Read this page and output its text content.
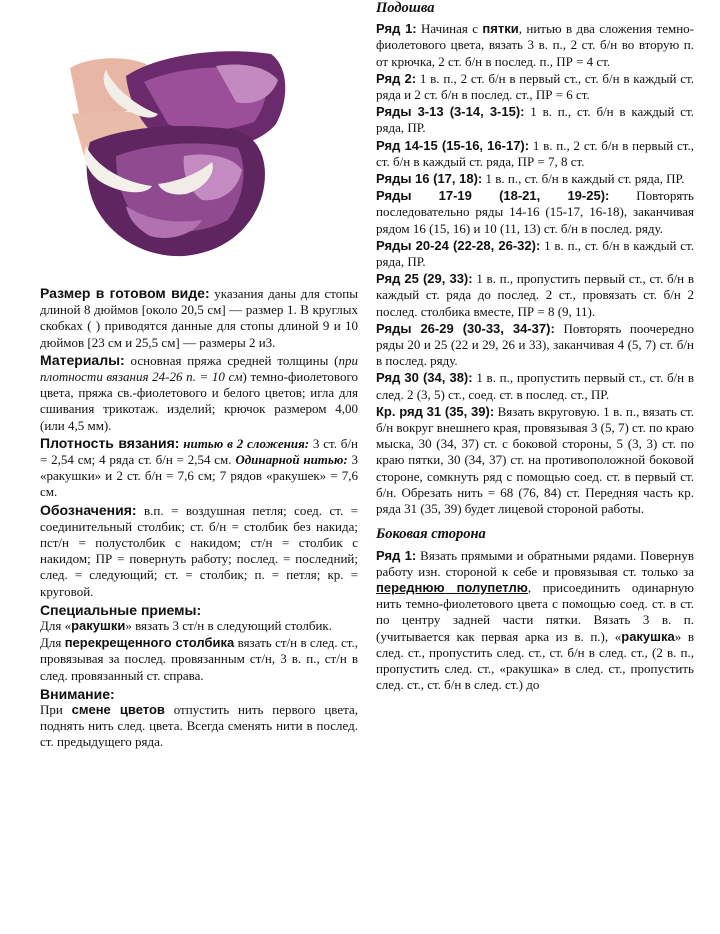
Размер в готовом виде: указания даны для стопы длиной 8 дюймов [около 20,5 см] — размер 1. В круглых скобках ( ) приводятся данные для стопы длиной 9 и 10 дюймов [23 см и 25,5 см] — размеры 2 и3.

Материалы: основная пряжа средней толщины (при плотности вязания 24-26 п. = 10 см) темно-фиолетового цвета, пряжа св.-фиолетового и белого цветов; игла для сшивания трикотаж. изделий; крючок размером 4,00 (или 4,5 мм).

Плотность вязания: нитью в 2 сложения: 3 ст. б/н = 2,54 см; 4 ряда ст. б/н = 2,54 см. Одинарной нитью: 3 «ракушки» и 2 ст. б/н = 7,6 см; 7 рядов «ракушек» = 7,6 см.

Обозначения: в.п. = воздушная петля; соед. ст. = соединительный столбик; ст. б/н = столбик без накида; пст/н = полустолбик с накидом; ст/н = столбик с накидом; ПР = повернуть работу; послед. = последний; след. = следующий; ст. = столбик; п. = петля; кр. = круговой.

Специальные приемы:

Для «ракушки» вязать 3 ст/н в следующий столбик.

Для перекрещенного столбика вязать ст/н в след. ст., провязывая за послед. провязанным ст/н, 3 в. п., ст/н в след. провязанный ст. справа.

Внимание:

При смене цветов отпустить нить первого цвета, поднять нить след. цвета. Всегда сменять нити в послед. ст. предыдущего ряда.

Подошва

Ряд 1: Начиная с пятки, нитью в два сложения темно-фиолетового цвета, вязать 3 в. п., 2 ст. б/н во вторую п. от крючка, 2 ст. б/н в послед. п., ПР = 4 ст.

Ряд 2: 1 в. п., 2 ст. б/н в первый ст., ст. б/н в каждый ст. ряда и 2 ст. б/н в послед. ст., ПР = 6 ст.

Ряды 3-13 (3-14, 3-15): 1 в. п., ст. б/н в каждый ст. ряда, ПР.

Ряд 14-15 (15-16, 16-17): 1 в. п., 2 ст. б/н в первый ст., ст. б/н в каждый ст. ряда, ПР = 7, 8 ст.

Ряды 16 (17, 18): 1 в. п., ст. б/н в каждый ст. ряда, ПР.

Ряды 17-19 (18-21, 19-25): Повторять последовательно ряды 14-16 (15-17, 16-18), заканчивая рядом 16 (15, 16) и 10 (11, 13) ст. б/н в послед. ряду.

Ряды 20-24 (22-28, 26-32): 1 в. п., ст. б/н в каждый ст. ряда, ПР.

Ряд 25 (29, 33): 1 в. п., пропустить первый ст., ст. б/н в каждый ст. ряда до послед. 2 ст., провязать ст. б/н 2 послед. столбика вместе, ПР = 8 (9, 11).

Ряды 26-29 (30-33, 34-37): Повторять поочередно ряды 20 и 25 (22 и 29, 26 и 33), заканчивая 4 (5, 7) ст. б/н в послед. ряду.

Ряд 30 (34, 38): 1 в. п., пропустить первый ст., ст. б/н в след. 2 (3, 5) ст., соед. ст. в послед. ст., ПР.

Кр. ряд 31 (35, 39): Вязать вкруговую. 1 в. п., вязать ст. б/н вокруг внешнего края, провязывая 3 (5, 7) ст. по краю мыска, 30 (34, 37) ст. с боковой стороны, 5 (3, 3) ст. по краю пятки, 30 (34, 37) ст. на противоположной боковой стороне, сомкнуть ряд с помощью соед. ст. в первый ст. б/н. Обрезать нить = 68 (76, 84) ст. Передняя часть кр. ряда 31 (35, 39) будет лицевой стороной работы.

Боковая сторона

Ряд 1: Вязать прямыми и обратными рядами. Повернув работу изн. стороной к себе и провязывая ст. только за переднюю полупетлю, присоединить одинарную нить темно-фиолетового цвета с помощью соед. ст. в ст. по центру задней части пятки. Вязать 3 в. п. (учитывается как первая арка из в. п.), «ракушка» в след. ст., пропустить след. ст., ст. б/н в след. ст., (2 в. п., пропустить след. ст., «ракушка» в след. ст., пропустить след. ст., ст. б/н в след. ст.) до
